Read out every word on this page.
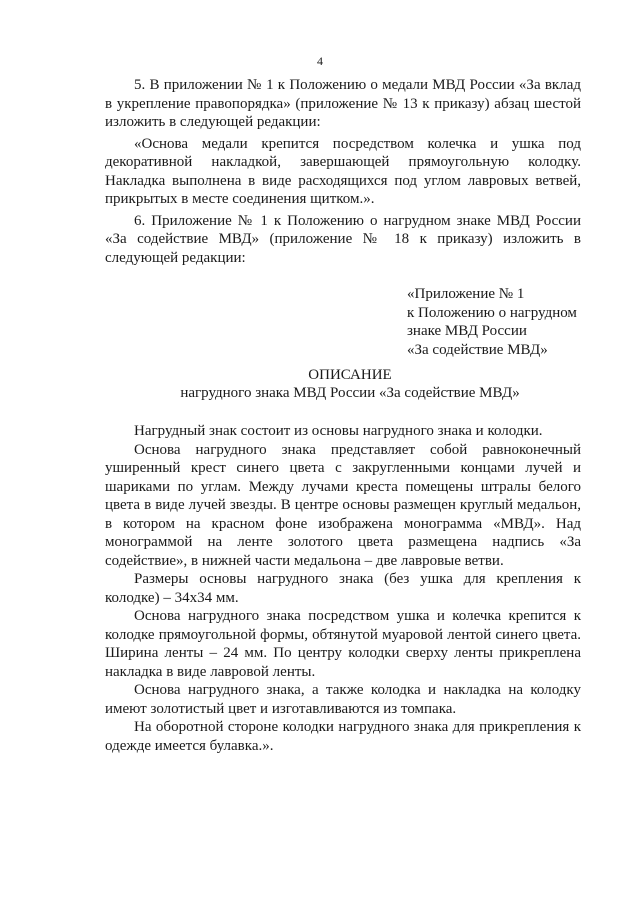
4

5. В приложении № 1 к Положению о медали МВД России «За вклад в укрепление правопорядка» (приложение № 13 к приказу) абзац шестой изложить в следующей редакции:

«Основа медали крепится посредством колечка и ушка под декоративной накладкой, завершающей прямоугольную колодку. Накладка выполнена в виде расходящихся под углом лавровых ветвей, прикрытых в месте соединения щитком.».

6. Приложение № 1 к Положению о нагрудном знаке МВД России «За содействие МВД» (приложение № 18 к приказу) изложить в следующей редакции:

«Приложение № 1
к Положению о нагрудном
знаке МВД России
«За содействие МВД»
ОПИСАНИЕ
нагрудного знака МВД России «За содействие МВД»

Нагрудный знак состоит из основы нагрудного знака и колодки.

Основа нагрудного знака представляет собой равноконечный уширенный крест синего цвета с закругленными концами лучей и шариками по углам. Между лучами креста помещены штралы белого цвета в виде лучей звезды. В центре основы размещен круглый медальон, в котором на красном фоне изображена монограмма «МВД». Над монограммой на ленте золотого цвета размещена надпись «За содействие», в нижней части медальона – две лавровые ветви.

Размеры основы нагрудного знака (без ушка для крепления к колодке) – 34x34 мм.

Основа нагрудного знака посредством ушка и колечка крепится к колодке прямоугольной формы, обтянутой муаровой лентой синего цвета. Ширина ленты – 24 мм. По центру колодки сверху ленты прикреплена накладка в виде лавровой ленты.

Основа нагрудного знака, а также колодка и накладка на колодку имеют золотистый цвет и изготавливаются из томпака.

На оборотной стороне колодки нагрудного знака для прикрепления к одежде имеется булавка.».
